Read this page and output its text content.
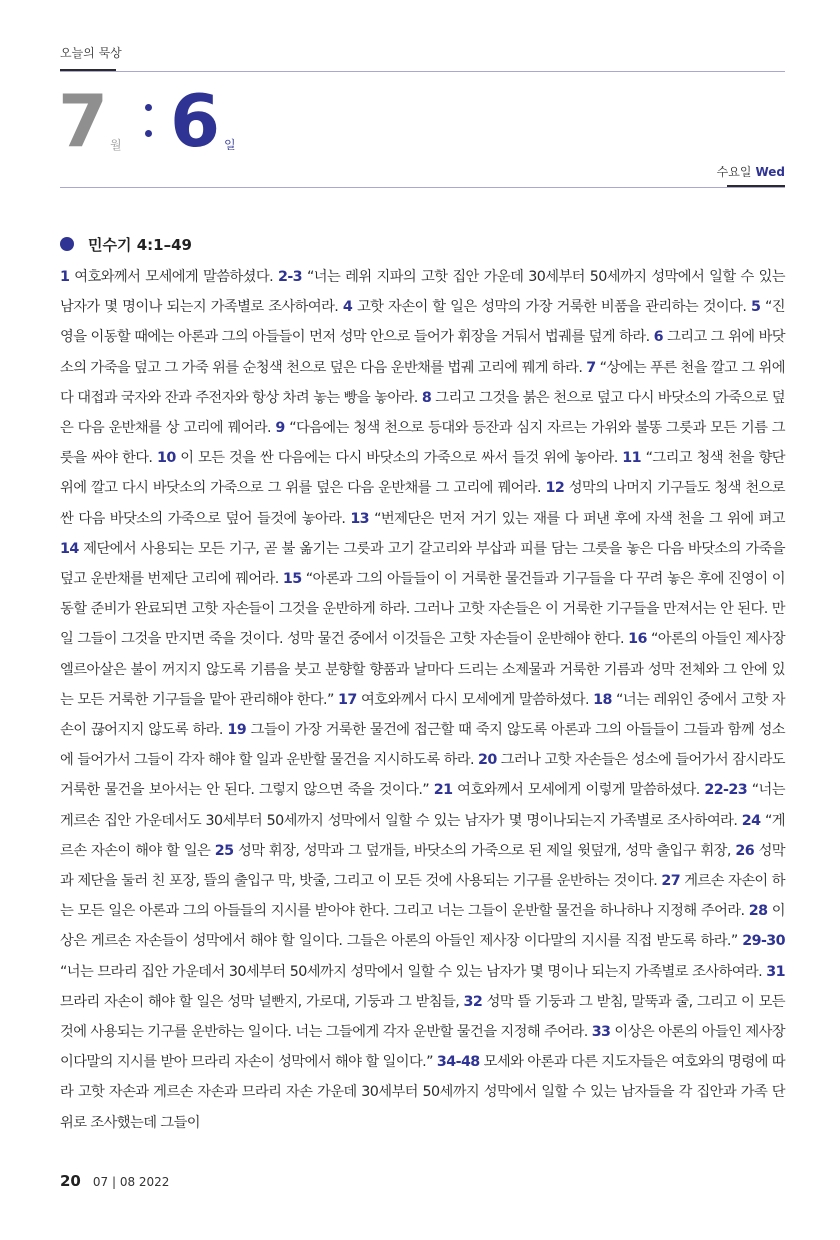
오늘의 묵상
7 월 6 일
수요일 Wed
민수기 4:1–49
1 여호와께서 모세에게 말씀하셨다. 2-3 “너는 레위 지파의 고핫 집안 가운데 30세부터 50세까지 성막에서 일할 수 있는 남자가 몇 명이나 되는지 가족별로 조사하여라. 4 고핫 자손이 할 일은 성막의 가장 거룩한 비품을 관리하는 것이다. 5 “진영을 이동할 때에는 아론과 그의 아들들이 먼저 성막 안으로 들어가 휘장을 거둬서 법궤를 덮게 하라. 6 그리고 그 위에 바닷소의 가죽을 덮고 그 가죽 위를 순청색 천으로 덮은 다음 운반채를 법궤 고리에 꿰게 하라. 7 “상에는 푸른 천을 깔고 그 위에다 대접과 국자와 잔과 주전자와 항상 차려 놓는 빵을 놓아라. 8 그리고 그것을 붉은 천으로 덮고 다시 바닷소의 가죽으로 덮은 다음 운반채를 상 고리에 꿰어라. 9 “다음에는 청색 천으로 등대와 등잔과 심지 자르는 가위와 불똥 그릇과 모든 기름 그릇을 싸야 한다. 10 이 모든 것을 싼 다음에는 다시 바닷소의 가죽으로 싸서 들것 위에 놓아라. 11 “그리고 청색 천을 향단 위에 깔고 다시 바닷소의 가죽으로 그 위를 덮은 다음 운반채를 그 고리에 꿰어라. 12 성막의 나머지 기구들도 청색 천으로 싼 다음 바닷소의 가죽으로 덮어 들것에 놓아라. 13 “번제단은 먼저 거기 있는 재를 다 퍼낸 후에 자색 천을 그 위에 펴고 14 제단에서 사용되는 모든 기구, 곧 불 옮기는 그릇과 고기 갈고리와 부삽과 피를 담는 그릇을 놓은 다음 바닷소의 가죽을 덮고 운반채를 번제단 고리에 꿰어라. 15 “아론과 그의 아들들이 이 거룩한 물건들과 기구들을 다 꾸려 놓은 후에 진영이 이동할 준비가 완료되면 고핫 자손들이 그것을 운반하게 하라. 그러나 고핫 자손들은 이 거룩한 기구들을 만져서는 안 된다. 만일 그들이 그것을 만지면 죽을 것이다. 성막 물건 중에서 이것들은 고핫 자손들이 운반해야 한다. 16 “아론의 아들인 제사장 엘르아살은 불이 꺼지지 않도록 기름을 붓고 분향할 향품과 날마다 드리는 소제물과 거룩한 기름과 성막 전체와 그 안에 있는 모든 거룩한 기구들을 맡아 관리해야 한다.” 17 여호와께서 다시 모세에게 말씀하셨다. 18 “너는 레위인 중에서 고핫 자손이 끊어지지 않도록 하라. 19 그들이 가장 거룩한 물건에 접근할 때 죽지 않도록 아론과 그의 아들들이 그들과 함께 성소에 들어가서 그들이 각자 해야 할 일과 운반할 물건을 지시하도록 하라. 20 그러나 고핫 자손들은 성소에 들어가서 잠시라도 거룩한 물건을 보아서는 안 된다. 그렇지 않으면 죽을 것이다.” 21 여호와께서 모세에게 이렇게 말씀하셨다. 22-23 “너는 게르손 집안 가운데서도 30세부터 50세까지 성막에서 일할 수 있는 남자가 몇 명이나되는지 가족별로 조사하여라. 24 “게르손 자손이 해야 할 일은 25 성막 휘장, 성막과 그 덮개들, 바닷소의 가죽으로 된 제일 윗덮개, 성막 출입구 휘장, 26 성막과 제단을 둘러 친 포장, 뜰의 출입구 막, 밧줄, 그리고 이 모든 것에 사용되는 기구를 운반하는 것이다. 27 게르손 자손이 하는 모든 일은 아론과 그의 아들들의 지시를 받아야 한다. 그리고 너는 그들이 운반할 물건을 하나하나 지정해 주어라. 28 이상은 게르손 자손들이 성막에서 해야 할 일이다. 그들은 아론의 아들인 제사장 이다말의 지시를 직접 받도록 하라.” 29-30 “너는 므라리 집안 가운데서 30세부터 50세까지 성막에서 일할 수 있는 남자가 몇 명이나 되는지 가족별로 조사하여라. 31 므라리 자손이 해야 할 일은 성막 널빤지, 가로대, 기둥과 그 받침들, 32 성막 뜰 기둥과 그 받침, 말뚝과 줄, 그리고 이 모든 것에 사용되는 기구를 운반하는 일이다. 너는 그들에게 각자 운반할 물건을 지정해 주어라. 33 이상은 아론의 아들인 제사장 이다말의 지시를 받아 므라리 자손이 성막에서 해야 할 일이다.” 34-48 모세와 아론과 다른 지도자들은 여호와의 명령에 따라 고핫 자손과 게르손 자손과 므라리 자손 가운데 30세부터 50세까지 성막에서 일할 수 있는 남자들을 각 집안과 가족 단위로 조사했는데 그들이
20 07 | 08 2022
